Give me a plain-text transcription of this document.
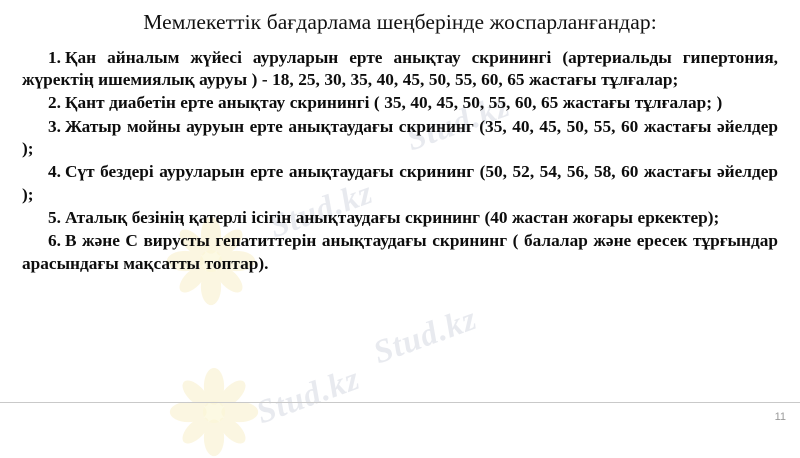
Stud.kz
Stud.kz
Stud.kz
Stud.kz
Мемлекеттік бағдарлама шеңберінде жоспарланғандар:

1. Қан айналым жүйесі ауруларын ерте анықтау скринингі (артериальды гипертония, жүректің ишемиялық ауруы ) - 18, 25, 30, 35, 40, 45, 50, 55, 60, 65 жастағы тұлғалар;

2. Қант диабетін ерте анықтау скринингі ( 35, 40, 45, 50, 55, 60, 65 жастағы тұлғалар; )

3. Жатыр мойны ауруын ерте анықтаудағы скрининг (35, 40, 45, 50, 55, 60 жастағы әйелдер );

4. Сүт бездері ауруларын ерте анықтаудағы скрининг (50, 52, 54, 56, 58, 60 жастағы әйелдер );

5. Аталық безінің қатерлі ісігін анықтаудағы скрининг (40 жастан жоғары еркектер);

6. В және С вирусты гепатиттерін анықтаудағы скрининг ( балалар және ересек тұрғындар арасындағы мақсатты топтар).

11
